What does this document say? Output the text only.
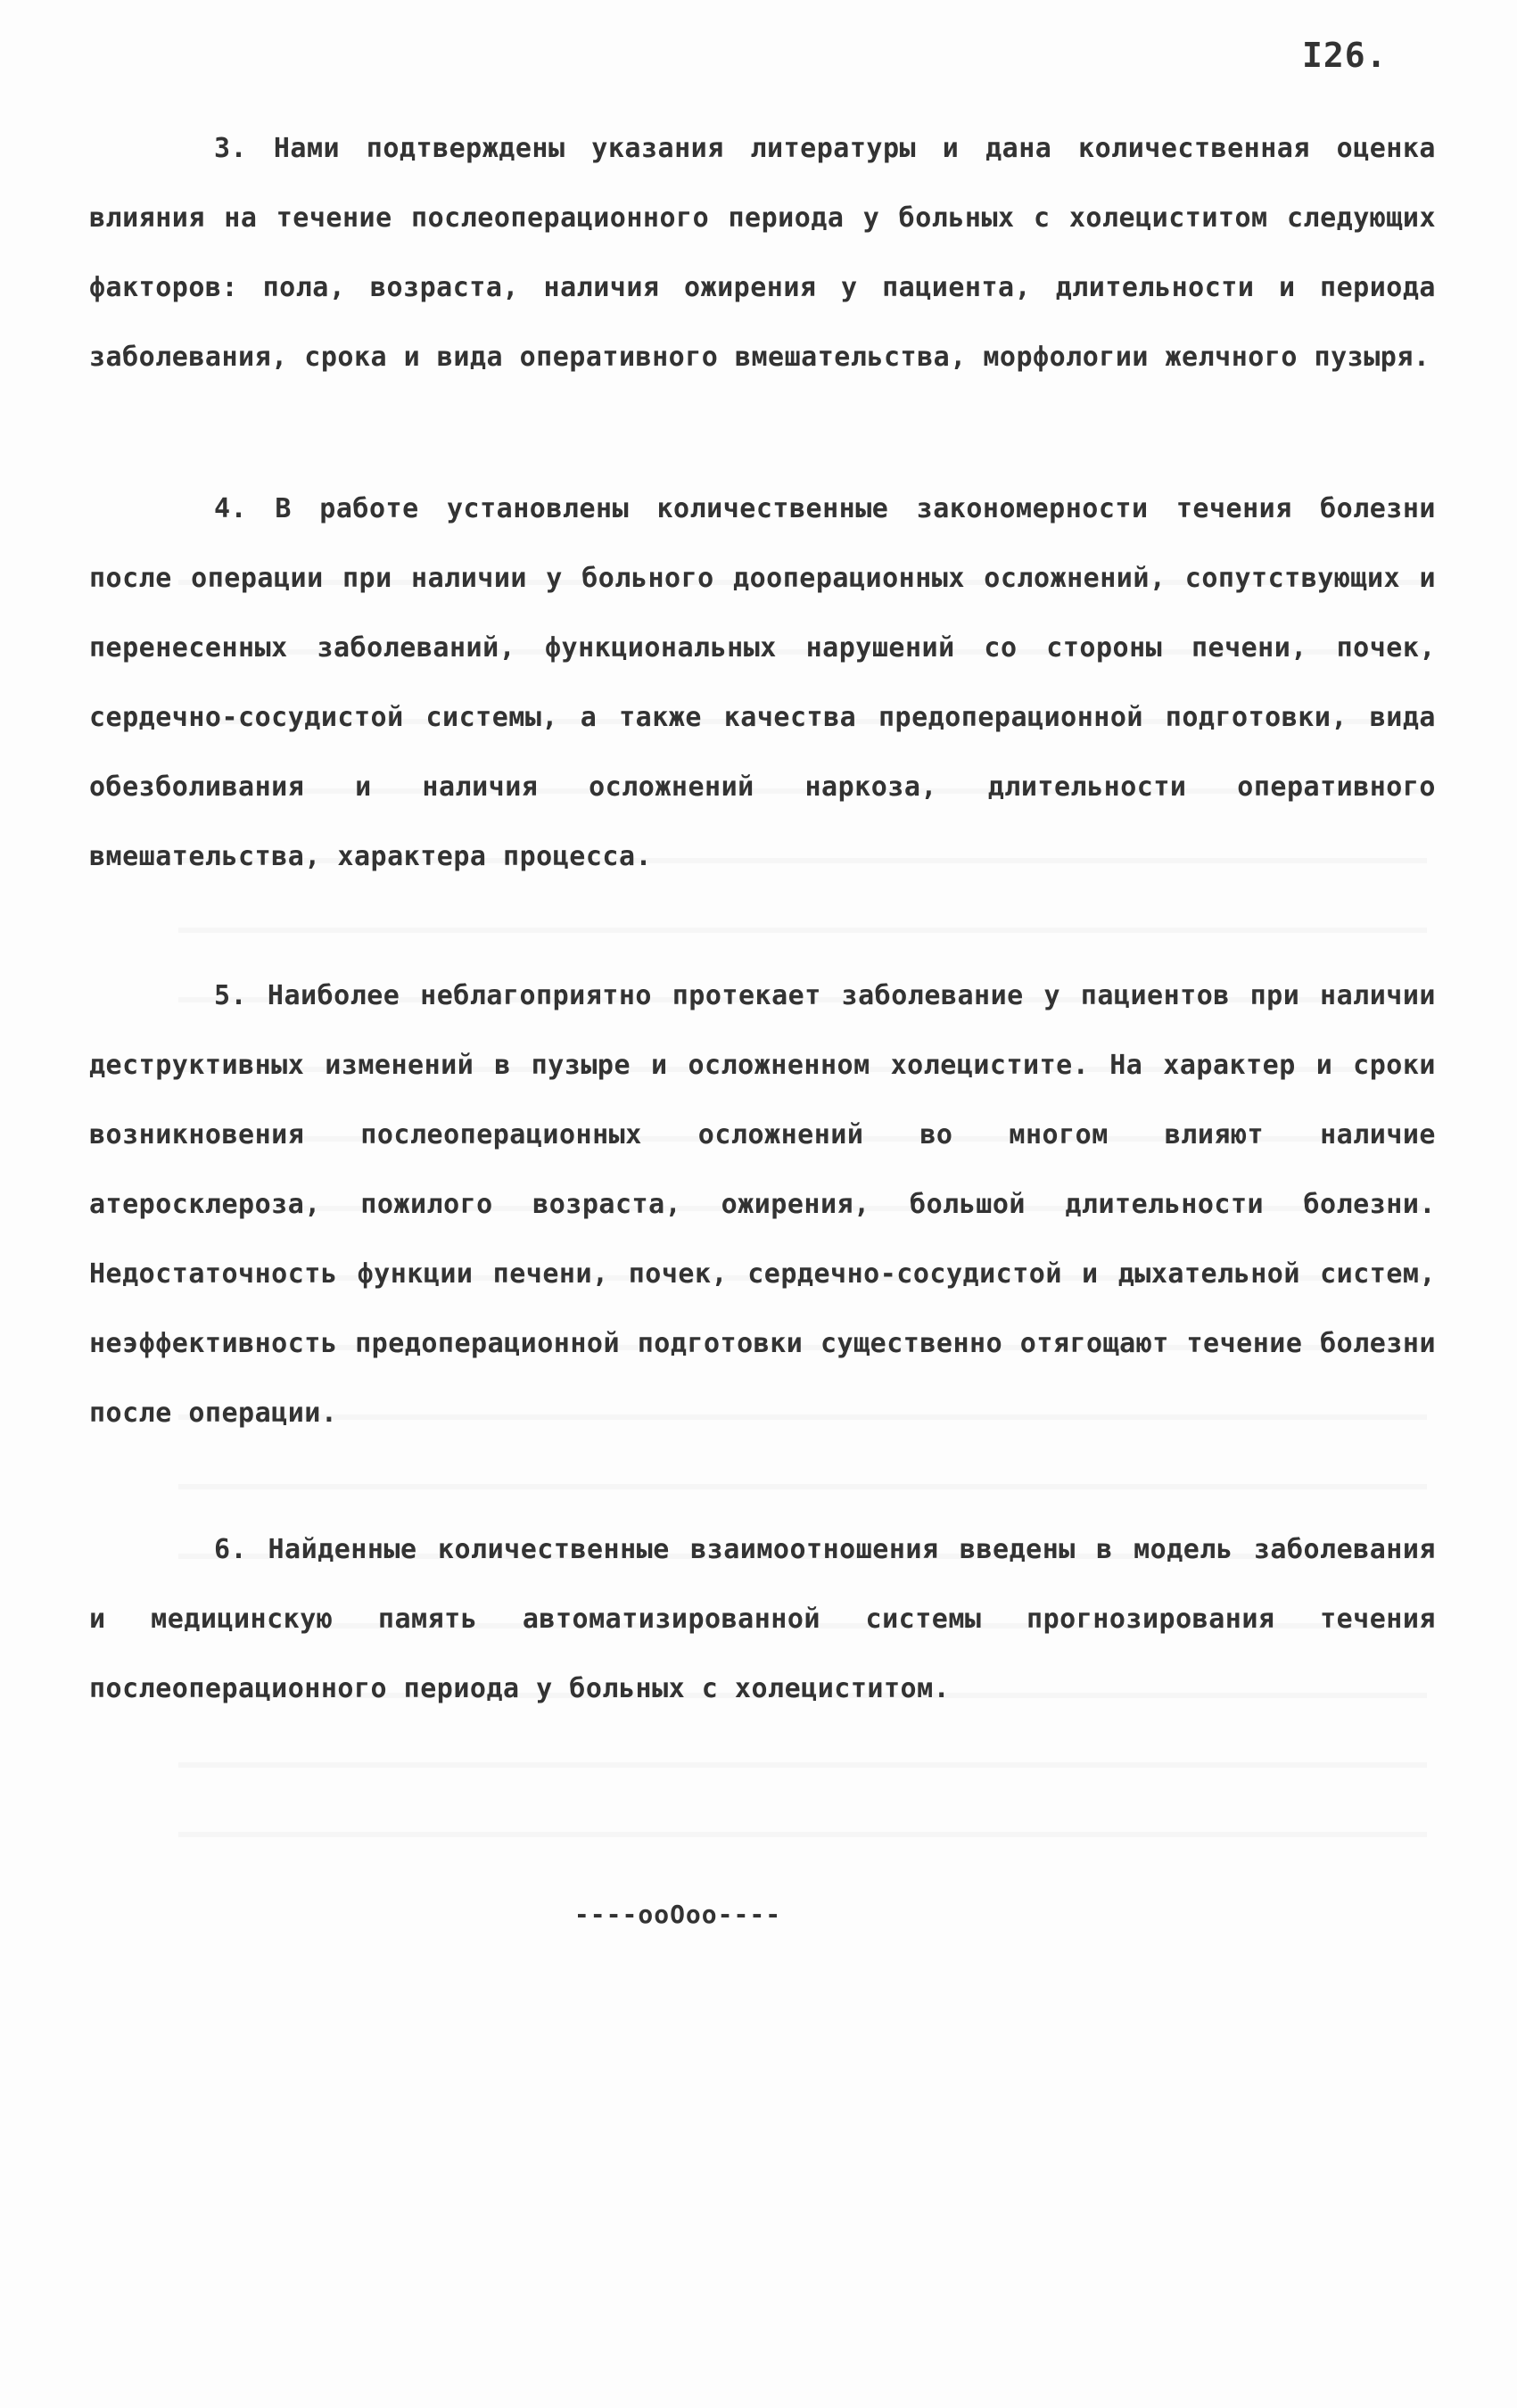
I26.

3. Нами подтверждены указания литературы и дана количественная оценка влияния на течение послеоперационного периода у больных с холециститом следующих факторов: пола, возраста, наличия ожирения у пациента, длительности и периода заболевания, срока и вида оперативного вмешательства, морфологии желчного пузыря.

4. В работе установлены количественные закономерности течения болезни после операции при наличии у больного дооперационных осложнений, сопутствующих и перенесенных заболеваний, функциональных нарушений со стороны печени, почек, сердечно-сосудистой системы, а также качества предоперационной подготовки, вида обезболивания и наличия осложнений наркоза, длительности оперативного вмешательства, характера процесса.

5. Наиболее неблагоприятно протекает заболевание у пациентов при наличии деструктивных изменений в пузыре и осложненном холецистите. На характер и сроки возникновения послеоперационных осложнений во многом влияют наличие атеросклероза, пожилого возраста, ожирения, большой длительности болезни. Недостаточность функции печени, почек, сердечно-сосудистой и дыхательной систем, неэффективность предоперационной подготовки существенно отягощают течение болезни после операции.

6. Найденные количественные взаимоотношения введены в модель заболевания и медицинскую память автоматизированной системы прогнозирования течения послеоперационного периода у больных с холециститом.

----ooOoo----
